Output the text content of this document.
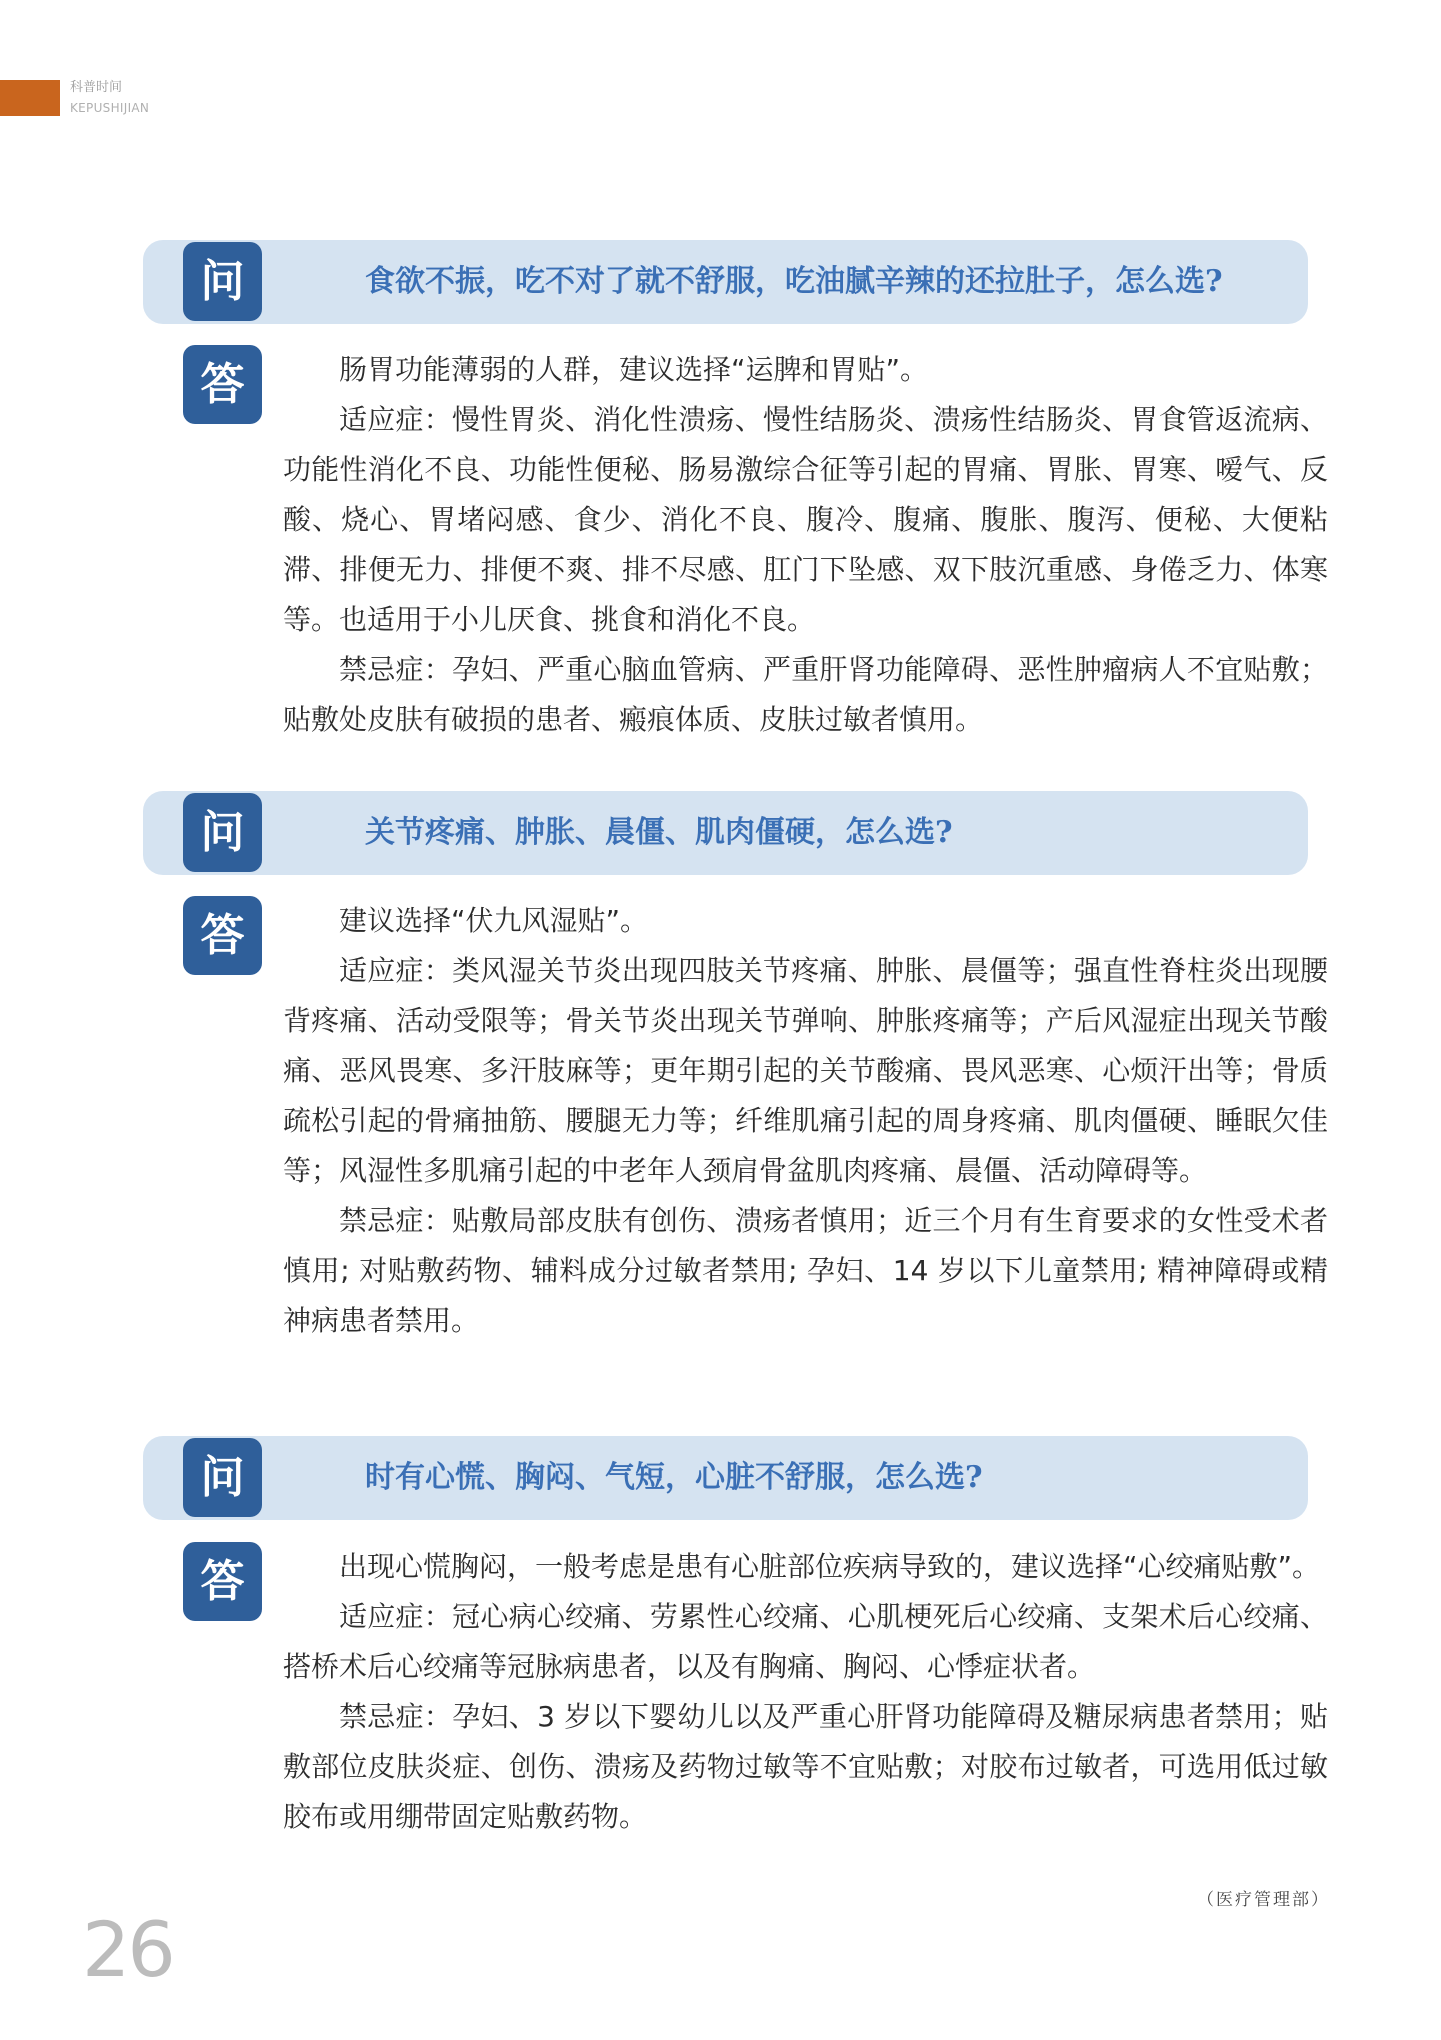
科普时间
KEPUSHIJIAN
问	食欲不振，吃不对了就不舒服，吃油腻辛辣的还拉肚子，怎么选?
答	肠胃功能薄弱的人群，建议选择“运脾和胃贴”。

适应症：慢性胃炎、消化性溃疡、慢性结肠炎、溃疡性结肠炎、胃食管返流病、功能性消化不良、功能性便秘、肠易激综合征等引起的胃痛、胃胀、胃寒、嗳气、反酸、烧心、胃堵闷感、食少、消化不良、腹冷、腹痛、腹胀、腹泻、便秘、大便粘滞、排便无力、排便不爽、排不尽感、肛门下坠感、双下肢沉重感、身倦乏力、体寒等。也适用于小儿厌食、挑食和消化不良。

禁忌症：孕妇、严重心脑血管病、严重肝肾功能障碍、恶性肿瘤病人不宜贴敷；贴敷处皮肤有破损的患者、瘢痕体质、皮肤过敏者慎用。

问	关节疼痛、肿胀、晨僵、肌肉僵硬，怎么选?
答	建议选择“伏九风湿贴”。

适应症：类风湿关节炎出现四肢关节疼痛、肿胀、晨僵等；强直性脊柱炎出现腰背疼痛、活动受限等；骨关节炎出现关节弹响、肿胀疼痛等；产后风湿症出现关节酸痛、恶风畏寒、多汗肢麻等；更年期引起的关节酸痛、畏风恶寒、心烦汗出等；骨质疏松引起的骨痛抽筋、腰腿无力等；纤维肌痛引起的周身疼痛、肌肉僵硬、睡眠欠佳等；风湿性多肌痛引起的中老年人颈肩骨盆肌肉疼痛、晨僵、活动障碍等。

禁忌症：贴敷局部皮肤有创伤、溃疡者慎用；近三个月有生育要求的女性受术者慎用; 对贴敷药物、辅料成分过敏者禁用; 孕妇、14 岁以下儿童禁用; 精神障碍或精神病患者禁用。

问	时有心慌、胸闷、气短，心脏不舒服，怎么选?
答	出现心慌胸闷，一般考虑是患有心脏部位疾病导致的，建议选择“心绞痛贴敷”。

适应症：冠心病心绞痛、劳累性心绞痛、心肌梗死后心绞痛、支架术后心绞痛、搭桥术后心绞痛等冠脉病患者，以及有胸痛、胸闷、心悸症状者。

禁忌症：孕妇、3 岁以下婴幼儿以及严重心肝肾功能障碍及糖尿病患者禁用；贴敷部位皮肤炎症、创伤、溃疡及药物过敏等不宜贴敷；对胶布过敏者，可选用低过敏胶布或用绷带固定贴敷药物。

（医疗管理部）
26
